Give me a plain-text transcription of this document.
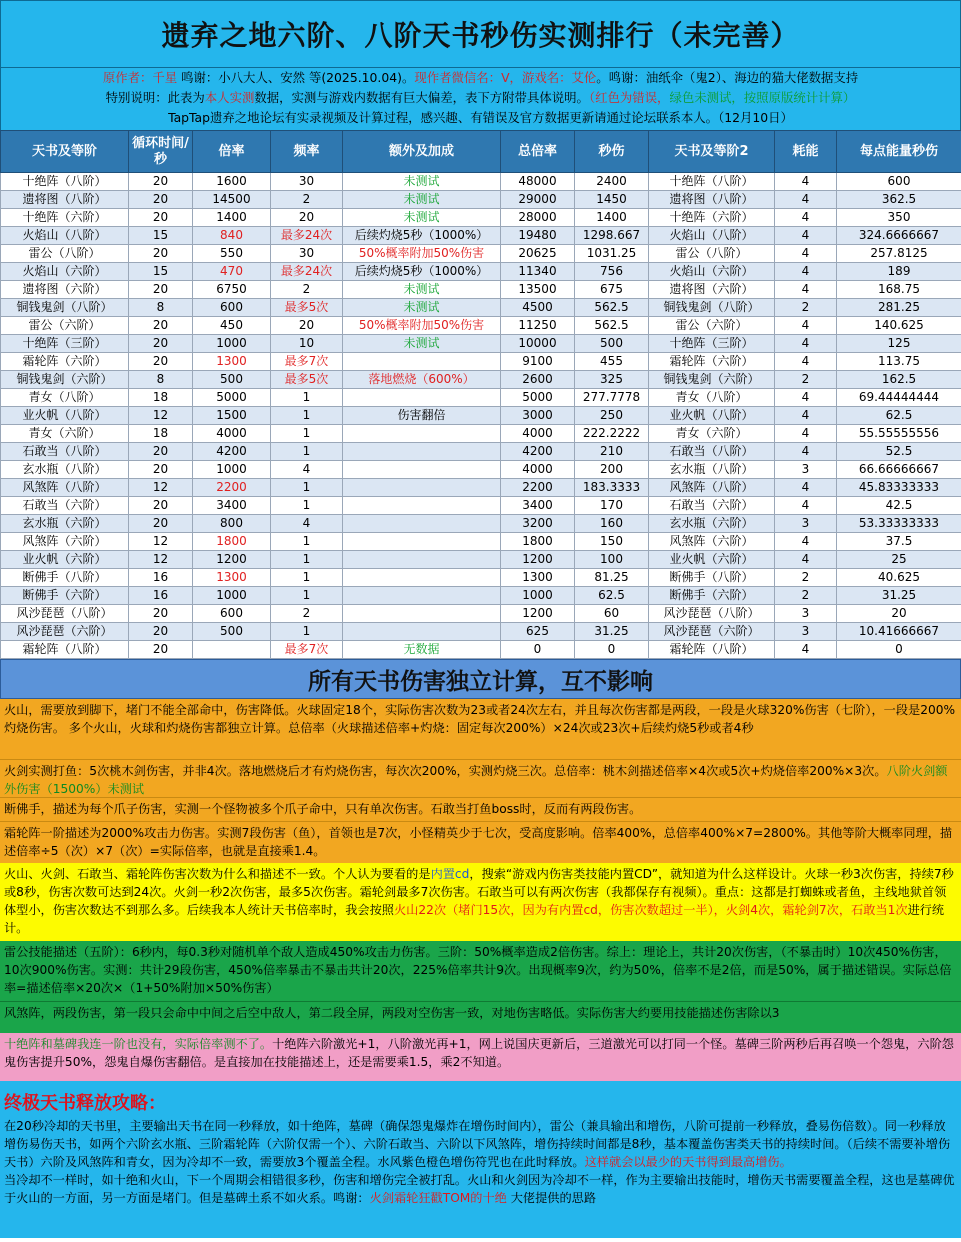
遗弃之地六阶、八阶天书秒伤实测排行（未完善）
原作者：千星 鸣谢：小八大人、安然 等(2025.10.04)。现作者微信名：V，游戏名：艾伦。鸣谢：油纸伞（鬼2）、海边的猫大佬数据支持
特别说明：此表为本人实测数据，实测与游戏内数据有巨大偏差，表下方附带具体说明。（红色为错误，绿色未测试，按照原版统计计算）
TapTap遗弃之地论坛有实录视频及计算过程，感兴趣、有错误及官方数据更新请通过论坛联系本人。（12月10日）
天书及等阶	循环时间/秒	倍率	频率	额外及加成	总倍率	秒伤	天书及等阶2	耗能	每点能量秒伤
十绝阵（八阶）	20	1600	30	未测试	48000	2400	十绝阵（八阶）	4	600
遗将图（八阶）	20	14500	2	未测试	29000	1450	遗将图（八阶）	4	362.5
十绝阵（六阶）	20	1400	20	未测试	28000	1400	十绝阵（六阶）	4	350
火焰山（八阶）	15	840	最多24次	后续灼烧5秒（1000%）	19480	1298.667	火焰山（八阶）	4	324.6666667
雷公（八阶）	20	550	30	50%概率附加50%伤害	20625	1031.25	雷公（八阶）	4	257.8125
火焰山（六阶）	15	470	最多24次	后续灼烧5秒（1000%）	11340	756	火焰山（六阶）	4	189
遗将图（六阶）	20	6750	2	未测试	13500	675	遗将图（六阶）	4	168.75
铜钱鬼剑（八阶）	8	600	最多5次	未测试	4500	562.5	铜钱鬼剑（八阶）	2	281.25
雷公（六阶）	20	450	20	50%概率附加50%伤害	11250	562.5	雷公（六阶）	4	140.625
十绝阵（三阶）	20	1000	10	未测试	10000	500	十绝阵（三阶）	4	125
霜轮阵（六阶）	20	1300	最多7次		9100	455	霜轮阵（六阶）	4	113.75
铜钱鬼剑（六阶）	8	500	最多5次	落地燃烧（600%）	2600	325	铜钱鬼剑（六阶）	2	162.5
青女（八阶）	18	5000	1		5000	277.7778	青女（八阶）	4	69.44444444
业火帆（八阶）	12	1500	1	伤害翻倍	3000	250	业火帆（八阶）	4	62.5
青女（六阶）	18	4000	1		4000	222.2222	青女（六阶）	4	55.55555556
石敢当（八阶）	20	4200	1		4200	210	石敢当（八阶）	4	52.5
玄水瓶（八阶）	20	1000	4		4000	200	玄水瓶（八阶）	3	66.66666667
风煞阵（八阶）	12	2200	1		2200	183.3333	风煞阵（八阶）	4	45.83333333
石敢当（六阶）	20	3400	1		3400	170	石敢当（六阶）	4	42.5
玄水瓶（六阶）	20	800	4		3200	160	玄水瓶（六阶）	3	53.33333333
风煞阵（六阶）	12	1800	1		1800	150	风煞阵（六阶）	4	37.5
业火帆（六阶）	12	1200	1		1200	100	业火帆（六阶）	4	25
断佛手（八阶）	16	1300	1		1300	81.25	断佛手（八阶）	2	40.625
断佛手（六阶）	16	1000	1		1000	62.5	断佛手（六阶）	2	31.25
风沙琵琶（八阶）	20	600	2		1200	60	风沙琵琶（八阶）	3	20
风沙琵琶（六阶）	20	500	1		625	31.25	风沙琵琶（六阶）	3	10.41666667
霜轮阵（八阶）	20		最多7次	无数据	0	0	霜轮阵（八阶）	4	0
所有天书伤害独立计算，互不影响
火山，需要放到脚下，堵门不能全部命中，伤害降低。火球固定18个，实际伤害次数为23或者24次左右，并且每次伤害都是两段，一段是火球320%伤害（七阶），一段是200%灼烧伤害。 多个火山，火球和灼烧伤害都独立计算。总倍率（火球描述倍率+灼烧：固定每次200%）×24次或23次+后续灼烧5秒或者4秒
火剑实测打鱼：5次桃木剑伤害，并非4次。落地燃烧后才有灼烧伤害，每次次200%，实测灼烧三次。总倍率：桃木剑描述倍率×4次或5次+灼烧倍率200%×3次。八阶火剑额外伤害（1500%）未测试
断佛手，描述为每个爪子伤害，实测一个怪物被多个爪子命中，只有单次伤害。石敢当打鱼boss时，反而有两段伤害。
霜轮阵一阶描述为2000%攻击力伤害。实测7段伤害（鱼），首领也是7次，小怪精英少于七次，受高度影响。倍率400%，总倍率400%×7=2800%。其他等阶大概率同理，描述倍率÷5（次）×7（次）=实际倍率，也就是直接乘1.4。
火山、火剑、石敢当、霜轮阵伤害次数为什么和描述不一致。个人认为要看的是内置cd，搜索“游戏内伤害类技能内置CD”，就知道为什么这样设计。火球一秒3次伤害，持续7秒或8秒，伤害次数可达到24次。火剑一秒2次伤害，最多5次伤害。霜轮剑最多7次伤害。石敢当可以有两次伤害（我都保存有视频）。重点：这都是打蜘蛛或者鱼，主线地狱首领体型小，伤害次数达不到那么多。后续我本人统计天书倍率时，我会按照火山22次（堵门15次，因为有内置cd，伤害次数超过一半），火剑4次，霜轮剑7次，石敢当1次进行统计。
雷公技能描述（五阶）：6秒内，每0.3秒对随机单个敌人造成450%攻击力伤害。三阶：50%概率造成2倍伤害。综上：理论上，共计20次伤害，（不暴击时）10次450%伤害，10次900%伤害。实测：共计29段伤害，450%倍率暴击不暴击共计20次，225%倍率共计9次。出现概率9次，约为50%，倍率不是2倍，而是50%，属于描述错误。实际总倍率=描述倍率×20次×（1+50%附加×50%伤害）
风煞阵，两段伤害，第一段只会命中中间之后空中敌人，第二段全屏，两段对空伤害一致，对地伤害略低。实际伤害大约要用技能描述伤害除以3
十绝阵和墓碑我连一阶也没有，实际倍率测不了。十绝阵六阶激光+1，八阶激光再+1，网上说国庆更新后，三道激光可以打同一个怪。墓碑三阶两秒后再召唤一个怨鬼，六阶怨鬼伤害提升50%，怨鬼自爆伤害翻倍。是直接加在技能描述上，还是需要乘1.5，乘2不知道。
终极天书释放攻略：
在20秒冷却的天书里，主要输出天书在同一秒释放，如十绝阵，墓碑（确保怨鬼爆炸在增伤时间内），雷公（兼具输出和增伤，八阶可提前一秒释放，叠易伤倍数）。同一秒释放增伤易伤天书，如两个六阶玄水瓶、三阶霜轮阵（六阶仅需一个）、六阶石敢当、六阶以下风煞阵，增伤持续时间都是8秒，基本覆盖伤害类天书的持续时间。（后续不需要补增伤天书）六阶及风煞阵和青女，因为冷却不一致，需要放3个覆盖全程。水风紫色橙色增伤符咒也在此时释放。这样就会以最少的天书得到最高增伤。
当冷却不一样时，如十绝和火山，下一个周期会相错很多秒，伤害和增伤完全被打乱。火山和火剑因为冷却不一样，作为主要输出技能时，增伤天书需要覆盖全程，这也是墓碑优于火山的一方面，另一方面是堵门。但是墓碑土系不如火系。鸣谢：火剑霜轮狂戳TOM的十绝 大佬提供的思路
